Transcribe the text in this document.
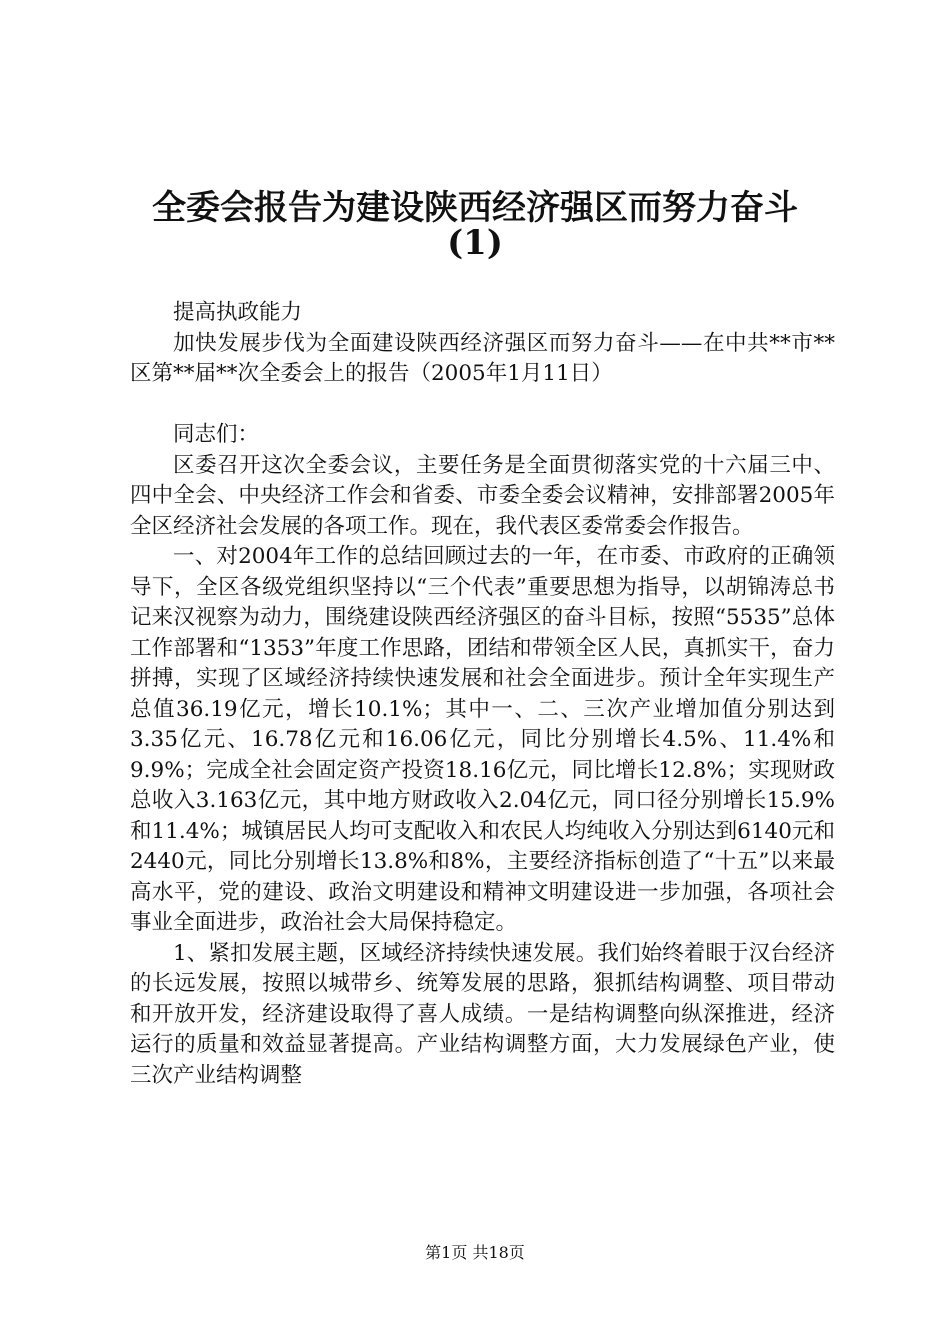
全委会报告为建设陕西经济强区而努力奋斗
(1)

提高执政能力

加快发展步伐为全面建设陕西经济强区而努力奋斗——在中共**市**区第**届**次全委会上的报告（2005年1月11日）

同志们：

区委召开这次全委会议，主要任务是全面贯彻落实党的十六届三中、四中全会、中央经济工作会和省委、市委全委会议精神，安排部署2005年全区经济社会发展的各项工作。现在，我代表区委常委会作报告。

一、对2004年工作的总结回顾过去的一年，在市委、市政府的正确领导下，全区各级党组织坚持以“三个代表”重要思想为指导，以胡锦涛总书记来汉视察为动力，围绕建设陕西经济强区的奋斗目标，按照“5535”总体工作部署和“1353”年度工作思路，团结和带领全区人民，真抓实干，奋力拼搏，实现了区域经济持续快速发展和社会全面进步。预计全年实现生产总值36.19亿元，增长10.1%；其中一、二、三次产业增加值分别达到3.35亿元、16.78亿元和16.06亿元，同比分别增长4.5%、11.4%和9.9%；完成全社会固定资产投资18.16亿元，同比增长12.8%；实现财政总收入3.163亿元，其中地方财政收入2.04亿元，同口径分别增长15.9%和11.4%；城镇居民人均可支配收入和农民人均纯收入分别达到6140元和2440元，同比分别增长13.8%和8%，主要经济指标创造了“十五”以来最高水平，党的建设、政治文明建设和精神文明建设进一步加强，各项社会事业全面进步，政治社会大局保持稳定。

1、紧扣发展主题，区域经济持续快速发展。我们始终着眼于汉台经济的长远发展，按照以城带乡、统筹发展的思路，狠抓结构调整、项目带动和开放开发，经济建设取得了喜人成绩。一是结构调整向纵深推进，经济运行的质量和效益显著提高。产业结构调整方面，大力发展绿色产业，使三次产业结构调整

第1页 共18页
